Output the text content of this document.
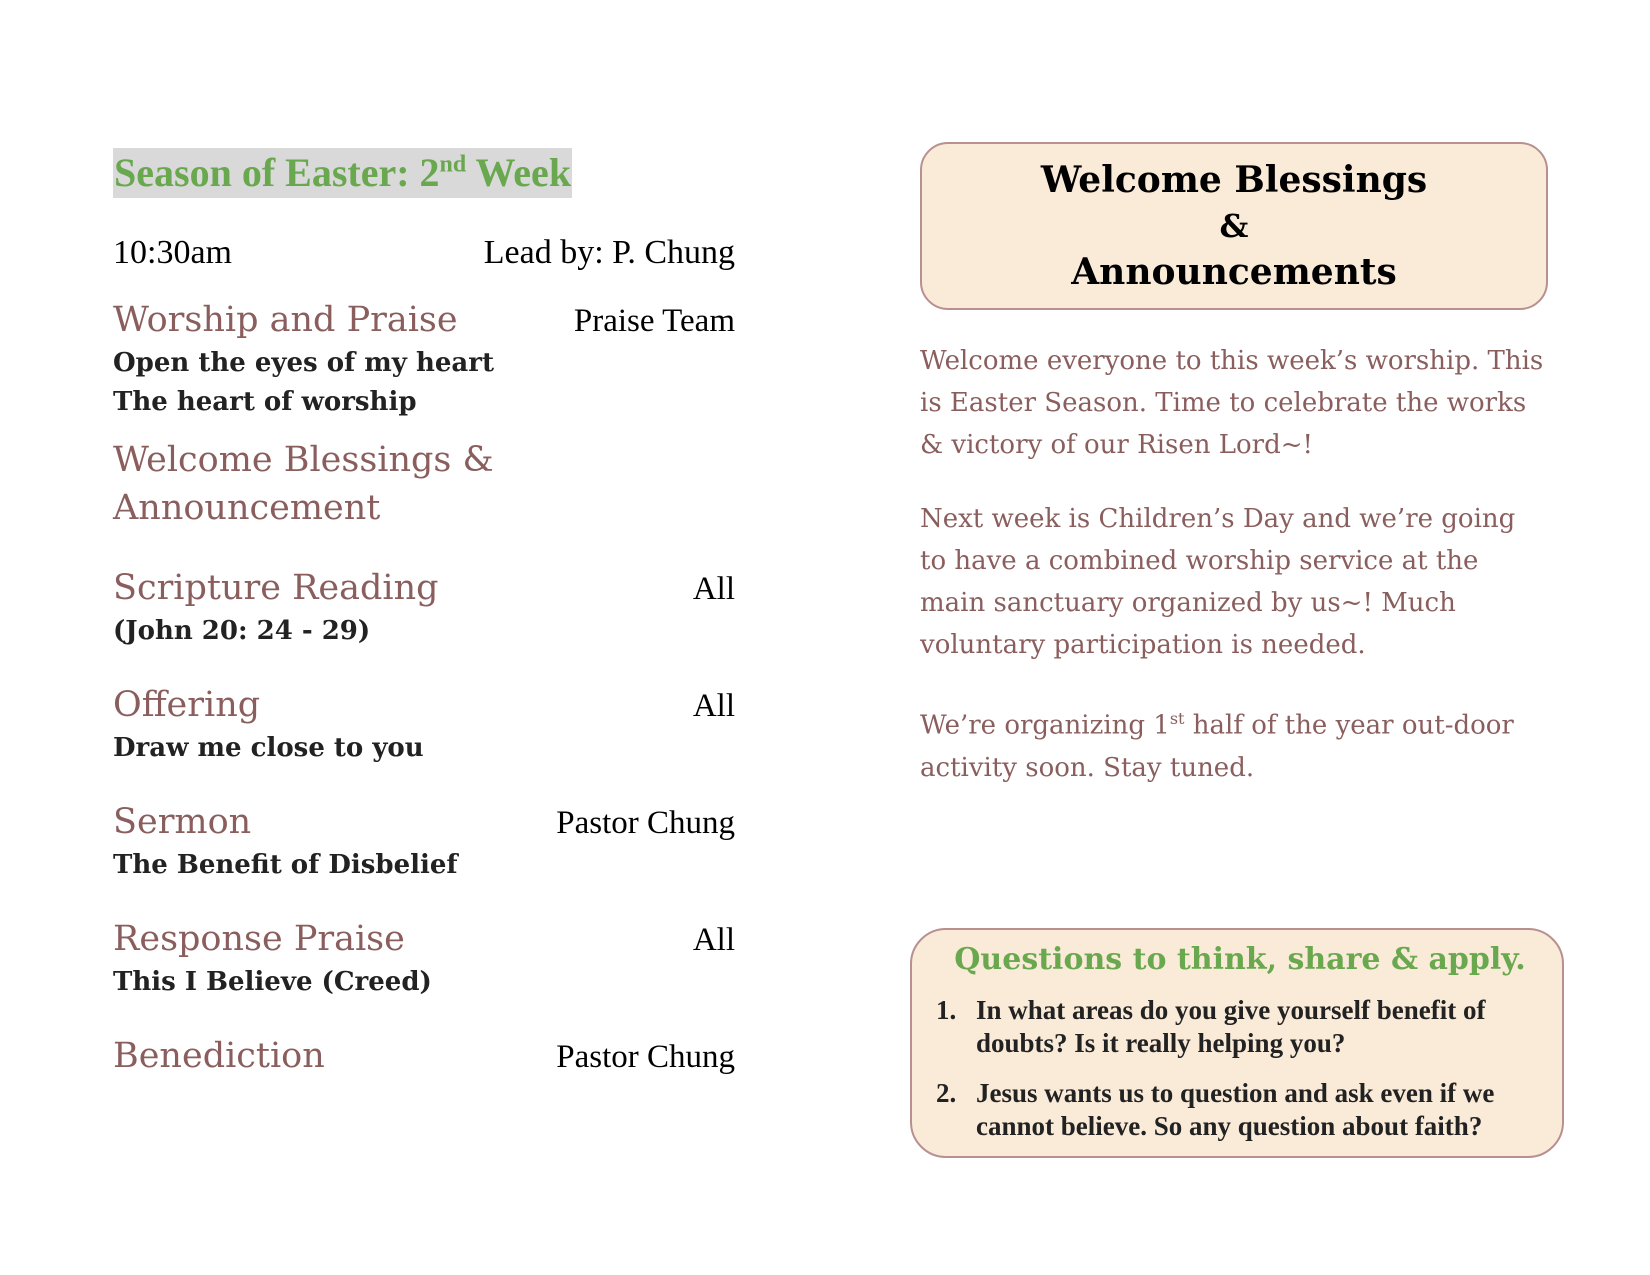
Season of Easter: 2nd Week
10:30am	Lead by: P. Chung
Worship and Praise	Praise Team
Open the eyes of my heart
The heart of worship
Welcome Blessings & Announcement
Scripture Reading	All
(John 20: 24 - 29)
Offering	All
Draw me close to you
Sermon	Pastor Chung
The Benefit of Disbelief
Response Praise	All
This I Believe (Creed)
Benediction	Pastor Chung
Welcome Blessings
&
Announcements

Welcome everyone to this week’s worship. This is Easter Season. Time to celebrate the works & victory of our Risen Lord~!

Next week is Children’s Day and we’re going to have a combined worship service at the main sanctuary organized by us~! Much voluntary participation is needed.

We’re organizing 1st half of the year out-door activity soon. Stay tuned.

Questions to think, share & apply.
1. In what areas do you give yourself benefit of doubts? Is it really helping you?
2. Jesus wants us to question and ask even if we cannot believe. So any question about faith?
